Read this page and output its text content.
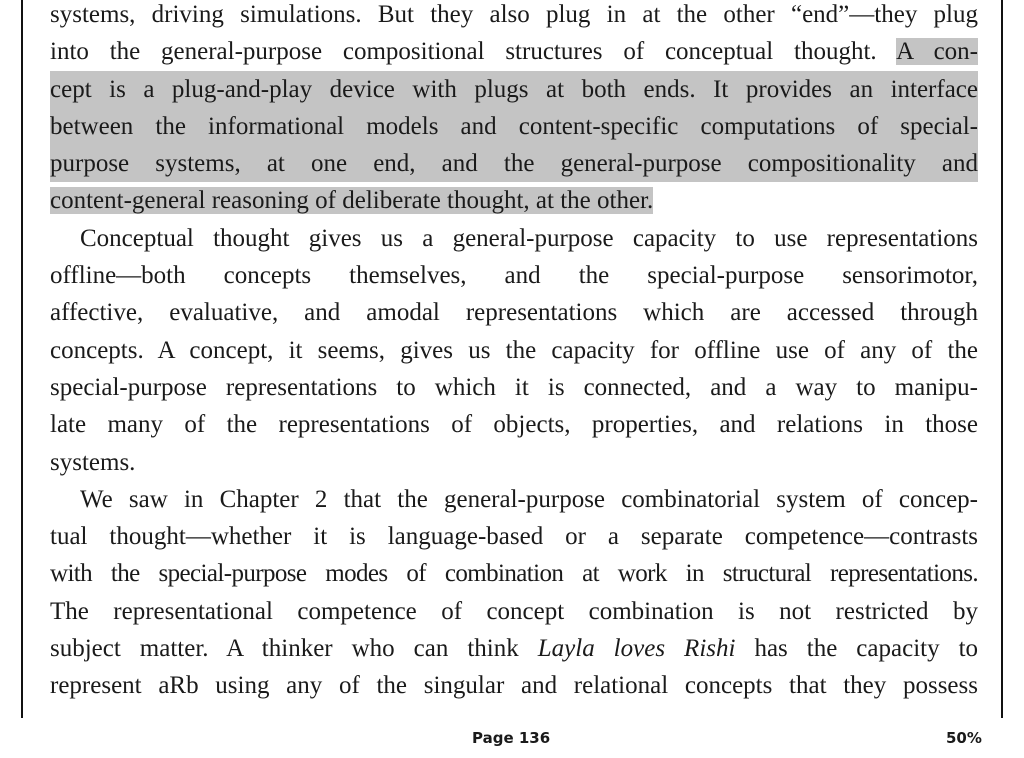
systems, driving simulations. But they also plug in at the other “end”—they plug
into the general-purpose compositional structures of conceptual thought. A con-
cept is a plug-and-play device with plugs at both ends. It provides an interface
between the informational models and content-specific computations of special-
purpose systems, at one end, and the general-purpose compositionality and
content-general reasoning of deliberate thought, at the other.
Conceptual thought gives us a general-purpose capacity to use representations
offline—both concepts themselves, and the special-purpose sensorimotor,
affective, evaluative, and amodal representations which are accessed through
concepts. A concept, it seems, gives us the capacity for offline use of any of the
special-purpose representations to which it is connected, and a way to manipu-
late many of the representations of objects, properties, and relations in those
systems.
We saw in Chapter 2 that the general-purpose combinatorial system of concep-
tual thought—whether it is language-based or a separate competence—contrasts
with the special-purpose modes of combination at work in structural representations.
The representational competence of concept combination is not restricted by
subject matter. A thinker who can think Layla loves Rishi has the capacity to
represent aRb using any of the singular and relational concepts that they possess
Page 136	50%
